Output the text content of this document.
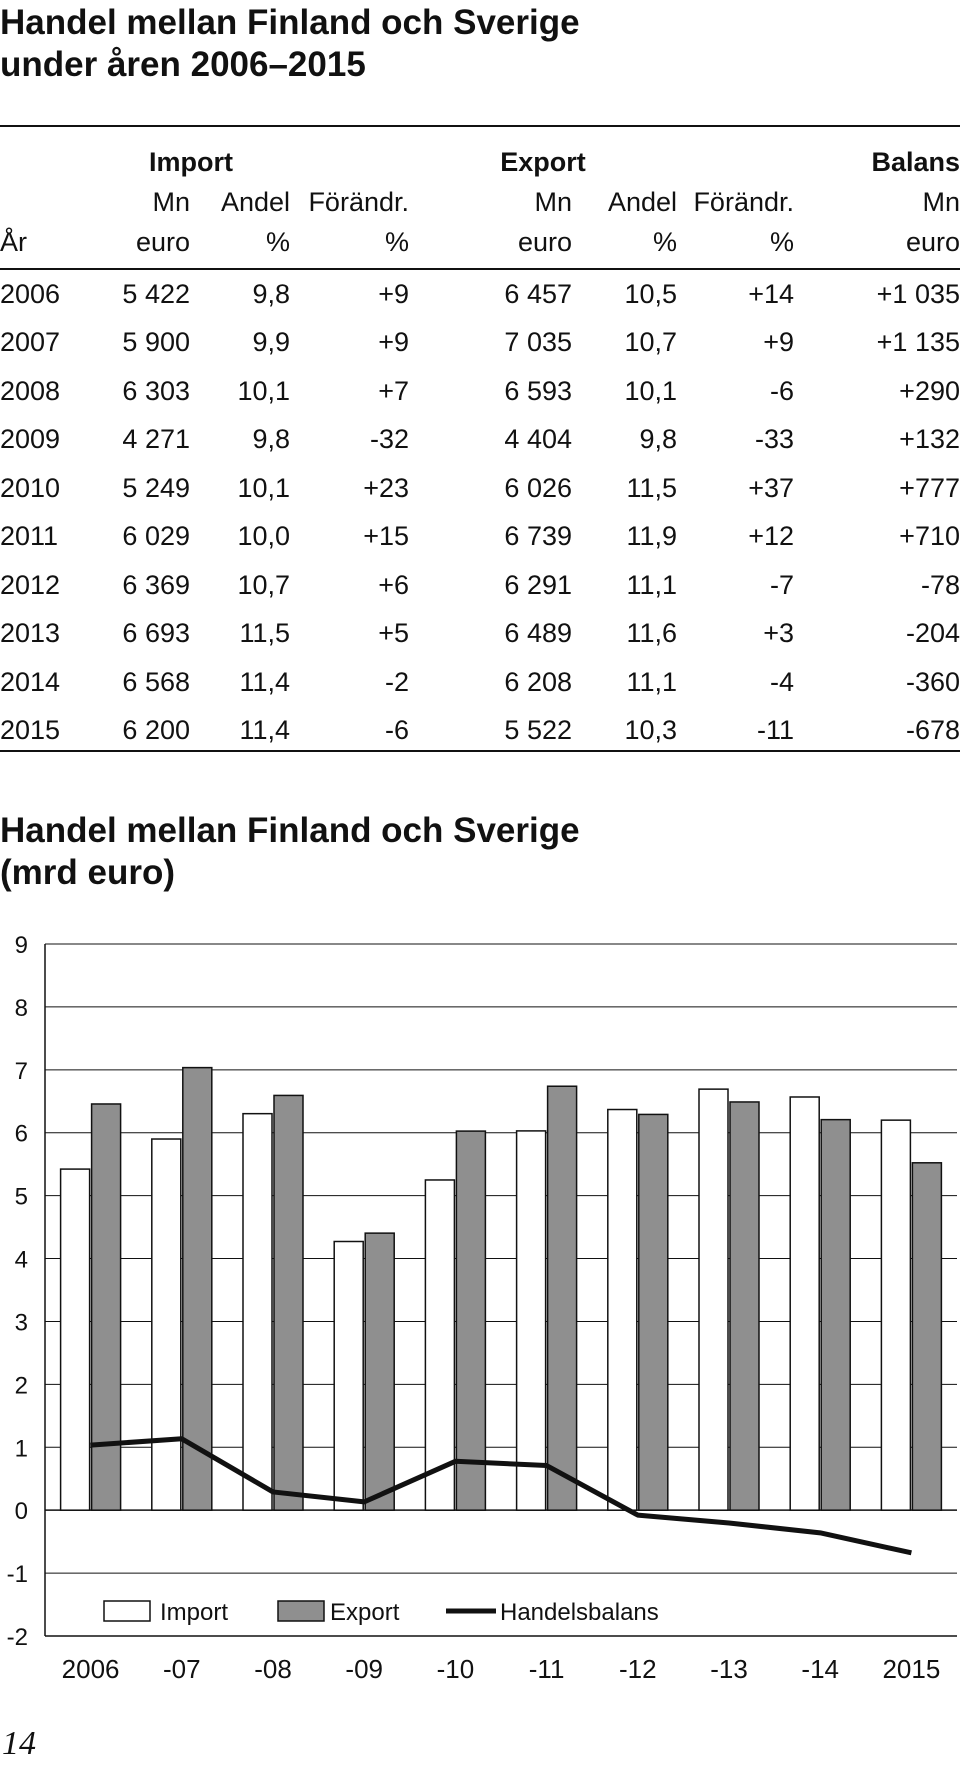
Handel mellan Finland och Sverige
under åren 2006–2015
	Import			Export			Balans
	Mn	Andel	Förändr.	Mn	Andel	Förändr.	Mn
År	euro	%	%	euro	%	%	euro

2006	5 422	9,8	+9	6 457	10,5	+14	+1 035
2007	5 900	9,9	+9	7 035	10,7	+9	+1 135
2008	6 303	10,1	+7	6 593	10,1	-6	+290
2009	4 271	9,8	-32	4 404	9,8	-33	+132
2010	5 249	10,1	+23	6 026	11,5	+37	+777
2011	6 029	10,0	+15	6 739	11,9	+12	+710
2012	6 369	10,7	+6	6 291	11,1	-7	-78
2013	6 693	11,5	+5	6 489	11,6	+3	-204
2014	6 568	11,4	-2	6 208	11,1	-4	-360
2015	6 200	11,4	-6	5 522	10,3	-11	-678
Handel mellan Finland och Sverige
(mrd euro)
9
8
7
6
5
4
3
2
1
0
-1
-2
2006 -07 -08 -09 -10 -11 -12 -13 -14 2015
Import	Export	Handelsbalans
14
